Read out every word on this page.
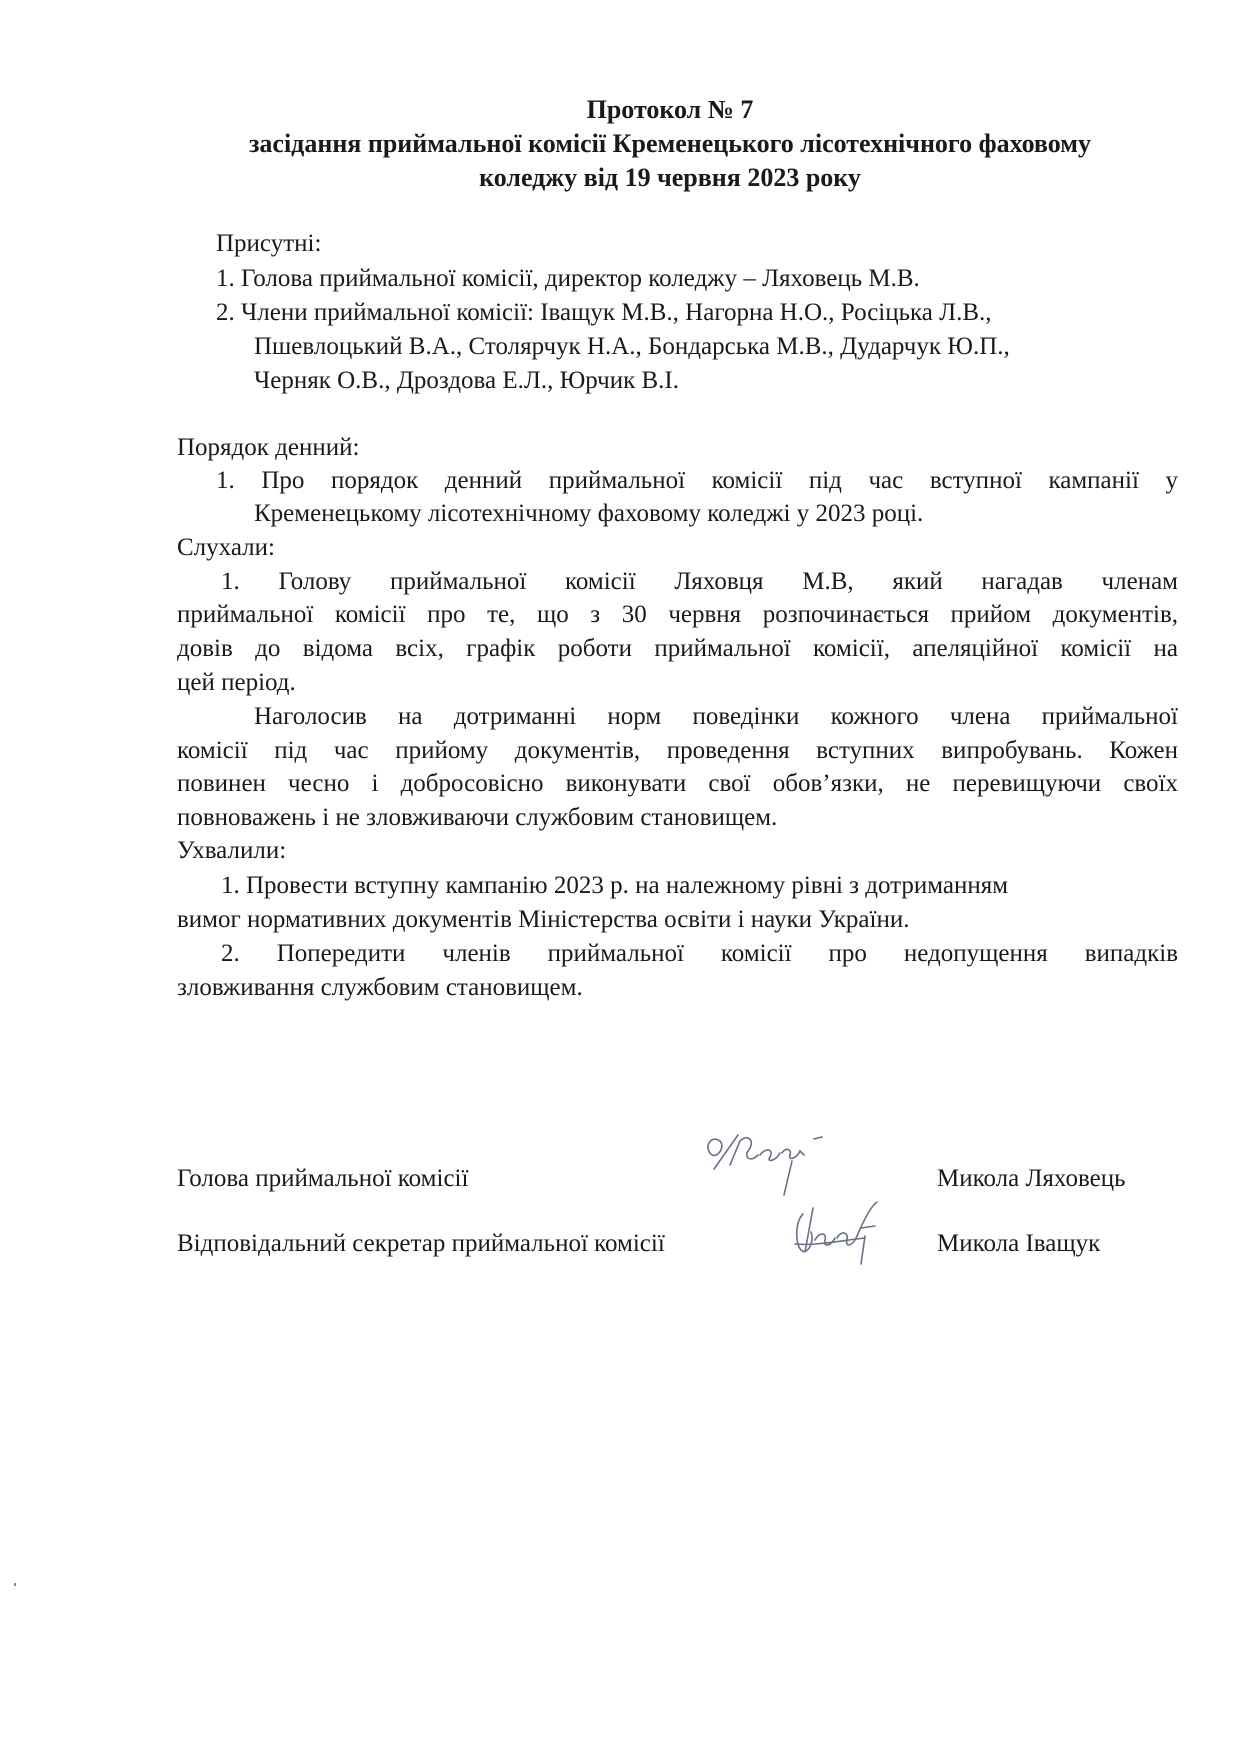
Протокол № 7
засідання приймальної комісії Кременецького лісотехнічного фаховому
коледжу від 19 червня 2023 року
Присутні:
1. Голова приймальної комісії, директор коледжу – Ляховець М.В.
2. Члени приймальної комісії: Іващук М.В., Нагорна Н.О., Росіцька Л.В.,
Пшевлоцький В.А., Столярчук Н.А., Бондарська М.В., Дударчук Ю.П.,
Черняк О.В., Дроздова Е.Л., Юрчик В.І.
Порядок денний:
1. Про порядок денний приймальної комісії під час вступної кампанії у
Кременецькому лісотехнічному фаховому коледжі у 2023 році.
Слухали:
1. Голову приймальної комісії Ляховця М.В, який нагадав членам
приймальної комісії про те, що з 30 червня розпочинається прийом документів,
довів до відома всіх, графік роботи приймальної комісії, апеляційної комісії на
цей період.
Наголосив на дотриманні норм поведінки кожного члена приймальної
комісії під час прийому документів, проведення вступних випробувань. Кожен
повинен чесно і добросовісно виконувати свої обов’язки, не перевищуючи своїх
повноважень і не зловживаючи службовим становищем.
Ухвалили:
1. Провести вступну кампанію 2023 р. на належному рівні з дотриманням
вимог нормативних документів Міністерства освіти і науки України.
2. Попередити членів приймальної комісії про недопущення випадків
зловживання службовим становищем.
Голова приймальної комісії	Микола Ляховець
Відповідальний секретар приймальної комісії	Микола Іващук
